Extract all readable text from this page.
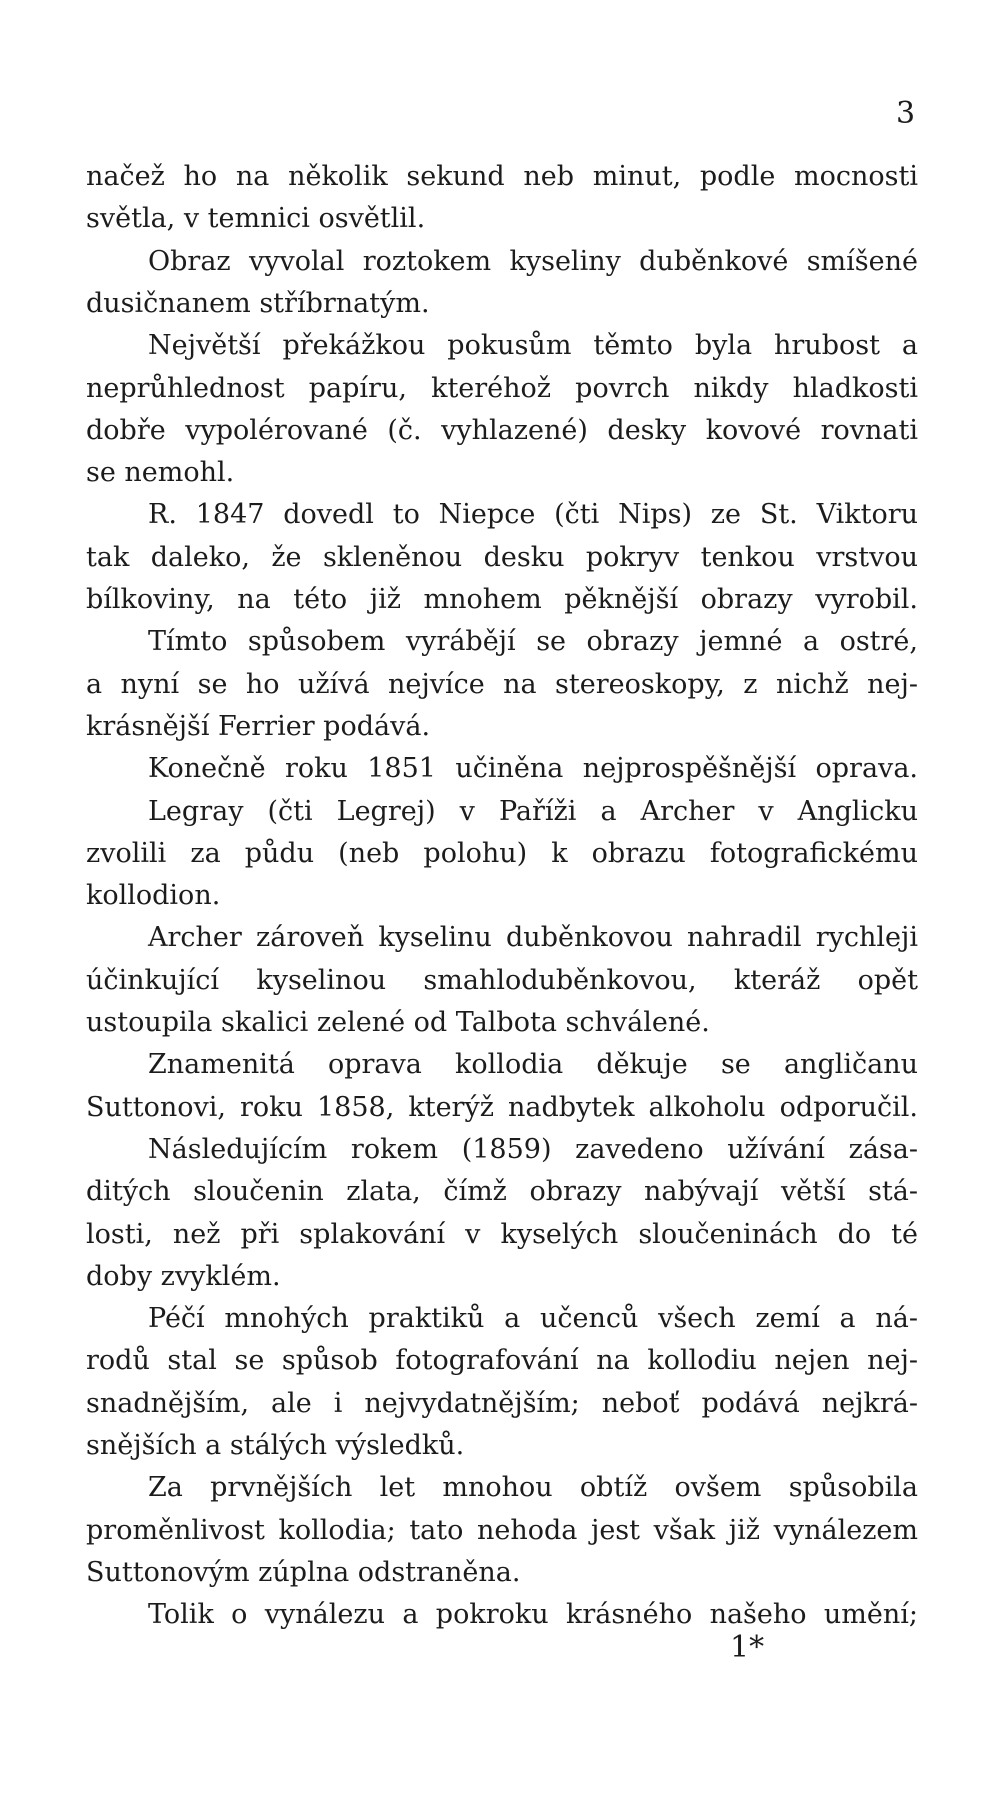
3
načež ho na několik sekund neb minut, podle mocnosti
světla, v temnici osvětlil.
Obraz vyvolal roztokem kyseliny duběnkové smíšené
dusičnanem stříbrnatým.
Největší překážkou pokusům těmto byla hrubost a
neprůhlednost papíru, kteréhož povrch nikdy hladkosti
dobře vypolérované (č. vyhlazené) desky kovové rovnati
se nemohl.
R. 1847 dovedl to Niepce (čti Nips) ze St. Viktoru
tak daleko, že skleněnou desku pokryv tenkou vrstvou
bílkoviny, na této již mnohem pěknější obrazy vyrobil.
Tímto spůsobem vyrábějí se obrazy jemné a ostré,
a nyní se ho užívá nejvíce na stereoskopy, z nichž nej-
krásnější Ferrier podává.
Konečně roku 1851 učiněna nejprospěšnější oprava.
Legray (čti Legrej) v Paříži a Archer v Anglicku
zvolili za půdu (neb polohu) k obrazu fotografickému
kollodion.
Archer zároveň kyselinu duběnkovou nahradil rychleji
účinkující kyselinou smahloduběnkovou, kteráž opět
ustoupila skalici zelené od Talbota schválené.
Znamenitá oprava kollodia děkuje se angličanu
Suttonovi, roku 1858, kterýž nadbytek alkoholu odporučil.
Následujícím rokem (1859) zavedeno užívání zása-
ditých sloučenin zlata, čímž obrazy nabývají větší stá-
losti, než při splakování v kyselých sloučeninách do té
doby zvyklém.
Péčí mnohých praktiků a učenců všech zemí a ná-
rodů stal se spůsob fotografování na kollodiu nejen nej-
snadnějším, ale i nejvydatnějším; neboť podává nejkrá-
snějších a stálých výsledků.
Za prvnějších let mnohou obtíž ovšem spůsobila
proměnlivost kollodia; tato nehoda jest však již vynálezem
Suttonovým zúplna odstraněna.
Tolik o vynálezu a pokroku krásného našeho umění;
1*
